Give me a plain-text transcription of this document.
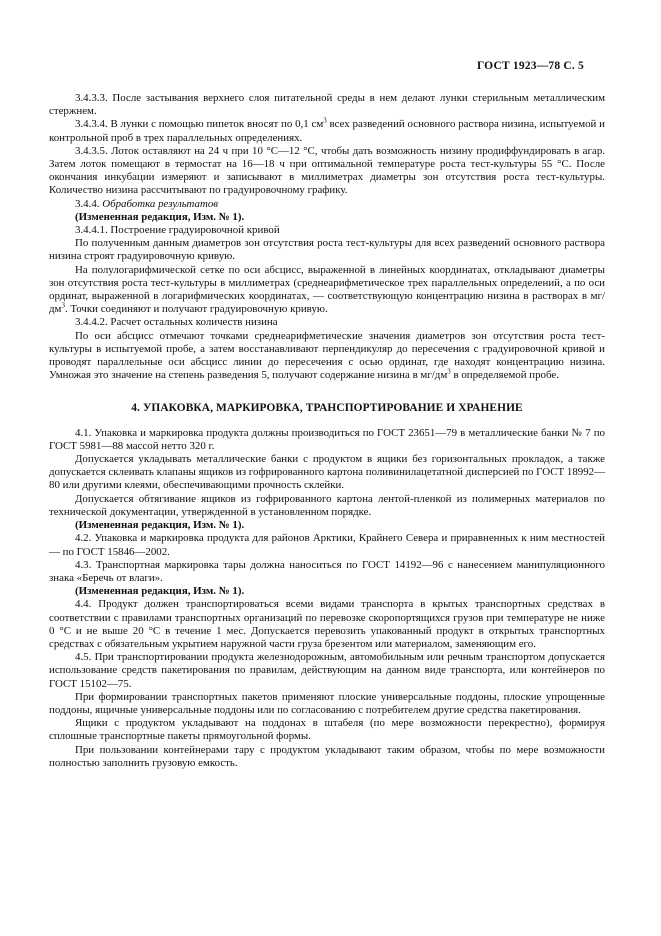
ГОСТ 1923—78 С. 5

3.4.3.3. После застывания верхнего слоя питательной среды в нем делают лунки стерильным металлическим стержнем.

3.4.3.4. В лунки с помощью пипеток вносят по 0,1 $см^3$ всех разведений основного раствора низина, испытуемой и контрольной проб в трех параллельных определениях.

3.4.3.5. Лоток оставляют на 24 ч при 10 °С—12 °С, чтобы дать возможность низину продиффундировать в агар. Затем лоток помещают в термостат на 16—18 ч при оптимальной температуре роста тест-культуры 55 °С. После окончания инкубации измеряют и записывают в миллиметрах диаметры зон отсутствия роста тест-культуры. Количество низина рассчитывают по градуировочному графику.

3.4.4. Обработка результатов

(Измененная редакция, Изм. № 1).

3.4.4.1. Построение градуировочной кривой

По полученным данным диаметров зон отсутствия роста тест-культуры для всех разведений основного раствора низина строят градуировочную кривую.

На полулогарифмической сетке по оси абсцисс, выраженной в линейных координатах, откладывают диаметры зон отсутствия роста тест-культуры в миллиметрах (среднеарифметическое трех параллельных определений, а по оси ординат, выраженной в логарифмических координатах, — соответствующую концентрацию низина в растворах в $мг/дм^3$. Точки соединяют и получают градуировочную кривую.

3.4.4.2. Расчет остальных количеств низина

По оси абсцисс отмечают точками среднеарифметические значения диаметров зон отсутствия роста тест-культуры в испытуемой пробе, а затем восстанавливают перпендикуляр до пересечения с градуировочной кривой и проводят параллельные оси абсцисс линии до пересечения с осью ординат, где находят концентрацию низина. Умножая это значение на степень разведения 5, получают содержание низина в $мг/дм^3$ в определяемой пробе.

4. УПАКОВКА, МАРКИРОВКА, ТРАНСПОРТИРОВАНИЕ И ХРАНЕНИЕ

4.1. Упаковка и маркировка продукта должны производиться по ГОСТ 23651—79 в металлические банки № 7 по ГОСТ 5981—88 массой нетто 320 г.

Допускается укладывать металлические банки с продуктом в ящики без горизонтальных прокладок, а также допускается склеивать клапаны ящиков из гофрированного картона поливинилацетатной дисперсией по ГОСТ 18992—80 или другими клеями, обеспечивающими прочность склейки.

Допускается обтягивание ящиков из гофрированного картона лентой-пленкой из полимерных материалов по технической документации, утвержденной в установленном порядке.

(Измененная редакция, Изм. № 1).

4.2. Упаковка и маркировка продукта для районов Арктики, Крайнего Севера и приравненных к ним местностей — по ГОСТ 15846—2002.

4.3. Транспортная маркировка тары должна наноситься по ГОСТ 14192—96 с нанесением манипуляционного знака «Беречь от влаги».

(Измененная редакция, Изм. № 1).

4.4. Продукт должен транспортироваться всеми видами транспорта в крытых транспортных средствах в соответствии с правилами транспортных организаций по перевозке скоропортящихся грузов при температуре не ниже 0 °С и не выше 20 °С в течение 1 мес. Допускается перевозить упакованный продукт в открытых транспортных средствах с обязательным укрытием наружной части груза брезентом или материалом, заменяющим его.

4.5. При транспортировании продукта железнодорожным, автомобильным или речным транспортом допускается использование средств пакетирования по правилам, действующим на данном виде транспорта, или контейнеров по ГОСТ 15102—75.

При формировании транспортных пакетов применяют плоские универсальные поддоны, плоские упрощенные поддоны, ящичные универсальные поддоны или по согласованию с потребителем другие средства пакетирования.

Ящики с продуктом укладывают на поддонах в штабеля (по мере возможности перекрестно), формируя сплошные транспортные пакеты прямоугольной формы.

При пользовании контейнерами тару с продуктом укладывают таким образом, чтобы по мере возможности полностью заполнить грузовую емкость.
